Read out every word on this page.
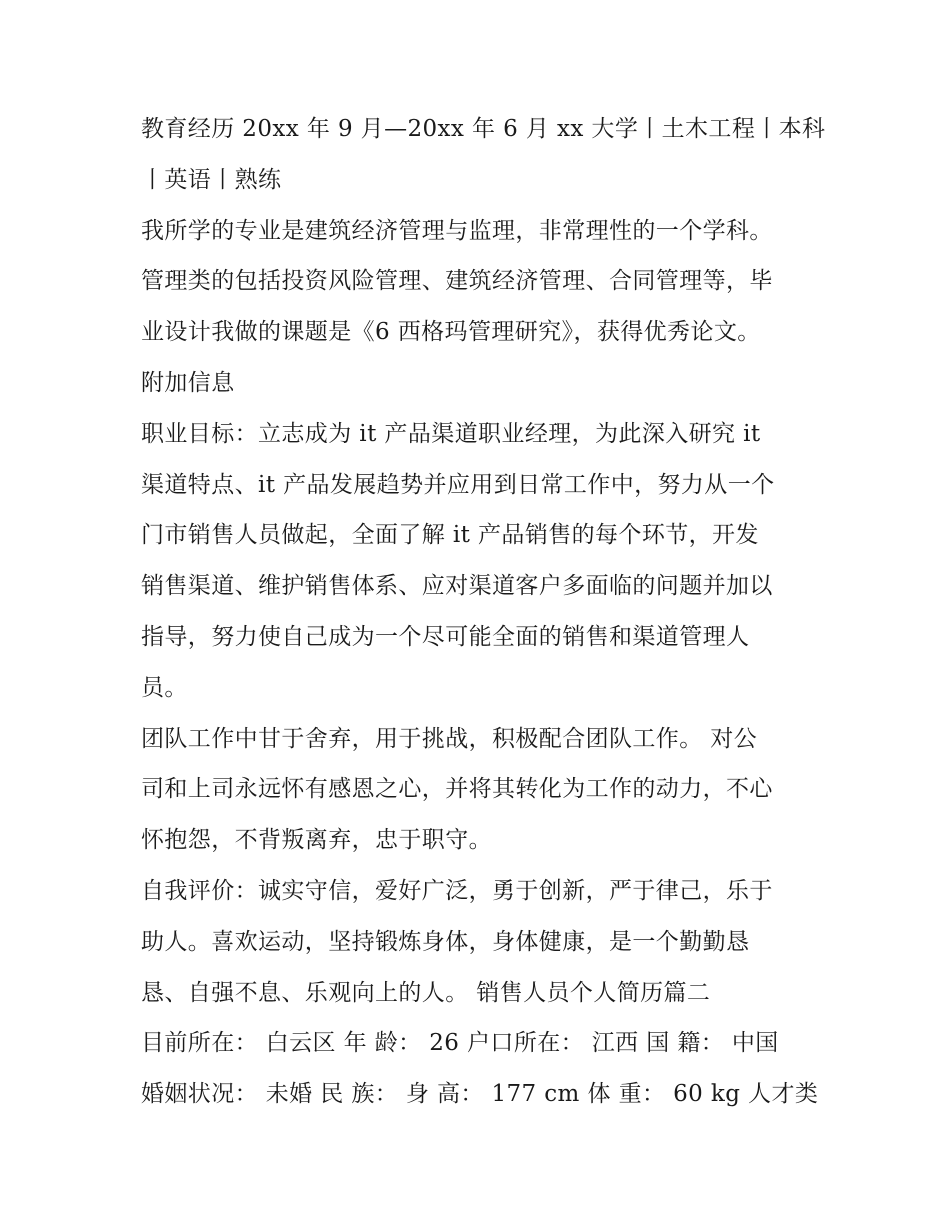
教育经历 20xx 年 9 月—20xx 年 6 月 xx 大学丨土木工程丨本科

丨英语丨熟练

我所学的专业是建筑经济管理与监理，非常理性的一个学科。

管理类的包括投资风险管理、建筑经济管理、合同管理等，毕

业设计我做的课题是《6 西格玛管理研究》，获得优秀论文。

附加信息

职业目标：立志成为 it 产品渠道职业经理，为此深入研究 it

渠道特点、it 产品发展趋势并应用到日常工作中，努力从一个

门市销售人员做起，全面了解 it 产品销售的每个环节，开发

销售渠道、维护销售体系、应对渠道客户多面临的问题并加以

指导，努力使自己成为一个尽可能全面的销售和渠道管理人

员。

团队工作中甘于舍弃，用于挑战，积极配合团队工作。 对公

司和上司永远怀有感恩之心，并将其转化为工作的动力，不心

怀抱怨，不背叛离弃，忠于职守。

自我评价：诚实守信，爱好广泛，勇于创新，严于律己，乐于

助人。喜欢运动，坚持锻炼身体，身体健康，是一个勤勤恳

恳、自强不息、乐观向上的人。 销售人员个人简历篇二

目前所在： 白云区 年 龄： 26 户口所在： 江西 国 籍： 中国

婚姻状况： 未婚 民 族： 身 高： 177 cm 体 重： 60 kg 人才类
